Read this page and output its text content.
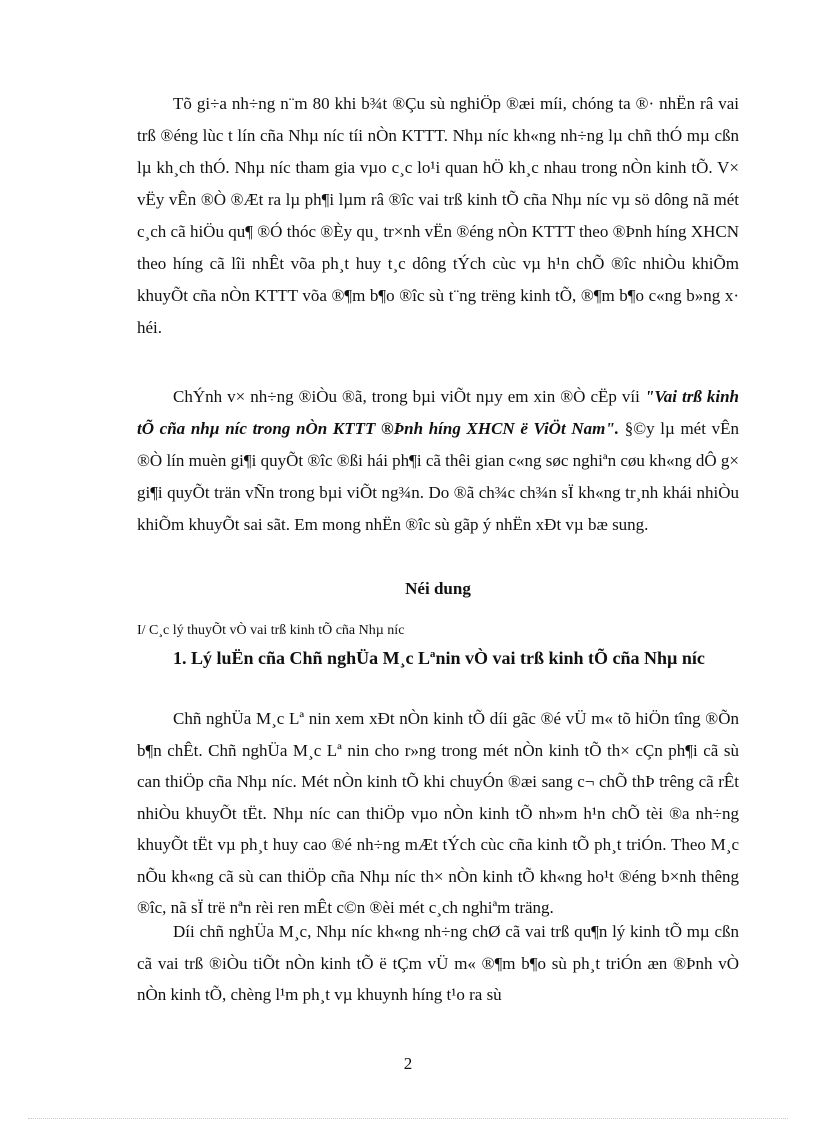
Tõ gi÷a nh÷ng n¨m 80 khi b¾t ®Çu sù nghiÖp ®æi míi, chóng ta ®· nhËn râ vai trß ®éng lùc t lín cña Nhµ níc tíi nÒn KTTT. Nhµ níc kh«ng nh÷ng lµ chñ thÓ mµ cßn lµ kh¸ch thÓ. Nhµ níc tham gia vµo c¸c lo¹i quan hÖ kh¸c nhau trong nÒn kinh tÕ. V× vËy vÊn ®Ò ®Æt ra lµ ph¶i lµm râ ®îc vai trß kinh tÕ cña Nhµ níc vµ sö dông nã mét c¸ch cã hiÖu qu¶ ®Ó thóc ®Èy qu¸ tr×nh vËn ®éng nÒn KTTT theo ®Þnh híng XHCN theo híng cã lîi nhÊt võa ph¸t huy t¸c dông tÝch cùc vµ h¹n chÕ ®îc nhiÒu khiÕm khuyÕt cña nÒn KTTT võa ®¶m b¶o ®îc sù t¨ng trëng kinh tÕ, ®¶m b¶o c«ng b»ng x· héi.

ChÝnh v× nh÷ng ®iÒu ®ã, trong bµi viÕt nµy em xin ®Ò cËp víi "Vai trß kinh tÕ cña nhµ níc trong nÒn KTTT ®Þnh híng XHCN ë ViÖt Nam". §©y lµ mét vÊn ®Ò lín muèn gi¶i quyÕt ®îc ®ßi hái ph¶i cã thêi gian c«ng søc nghiªn cøu kh«ng dÔ g× gi¶i quyÕt trän vÑn trong bµi viÕt ng¾n. Do ®ã ch¾c ch¾n sÏ kh«ng tr¸nh khái nhiÒu khiÕm khuyÕt sai sãt. Em mong nhËn ®îc sù gãp ý nhËn xÐt vµ bæ sung.

Néi dung
I/ C¸c lý thuyÕt vÒ vai trß kinh tÕ cña Nhµ níc
1. Lý luËn cña Chñ nghÜa M¸c Lªnin vÒ vai trß kinh tÕ cña Nhµ níc

Chñ nghÜa M¸c Lª nin xem xÐt nÒn kinh tÕ díi gãc ®é vÜ m« tõ hiÖn tîng ®Õn b¶n chÊt. Chñ nghÜa M¸c Lª nin cho r»ng trong mét nÒn kinh tÕ th× cÇn ph¶i cã sù can thiÖp cña Nhµ níc. Mét nÒn kinh tÕ khi chuyÓn ®æi sang c¬ chÕ thÞ trêng cã rÊt nhiÒu khuyÕt tËt. Nhµ níc can thiÖp vµo nÒn kinh tÕ nh»m h¹n chÕ tèi ®a nh÷ng khuyÕt tËt vµ ph¸t huy cao ®é nh÷ng mÆt tÝch cùc cña kinh tÕ ph¸t triÓn. Theo M¸c nÕu kh«ng cã sù can thiÖp cña Nhµ níc th× nÒn kinh tÕ kh«ng ho¹t ®éng b×nh thêng ®îc, nã sÏ trë nªn rèi ren mÊt c©n ®èi mét c¸ch nghiªm träng.

Díi chñ nghÜa M¸c, Nhµ níc kh«ng nh÷ng chØ cã vai trß qu¶n lý kinh tÕ mµ cßn cã vai trß ®iÒu tiÕt nÒn kinh tÕ ë tÇm vÜ m« ®¶m b¶o sù ph¸t triÓn æn ®Þnh vÒ nÒn kinh tÕ, chèng l¹m ph¸t vµ khuynh híng t¹o ra sù

2
